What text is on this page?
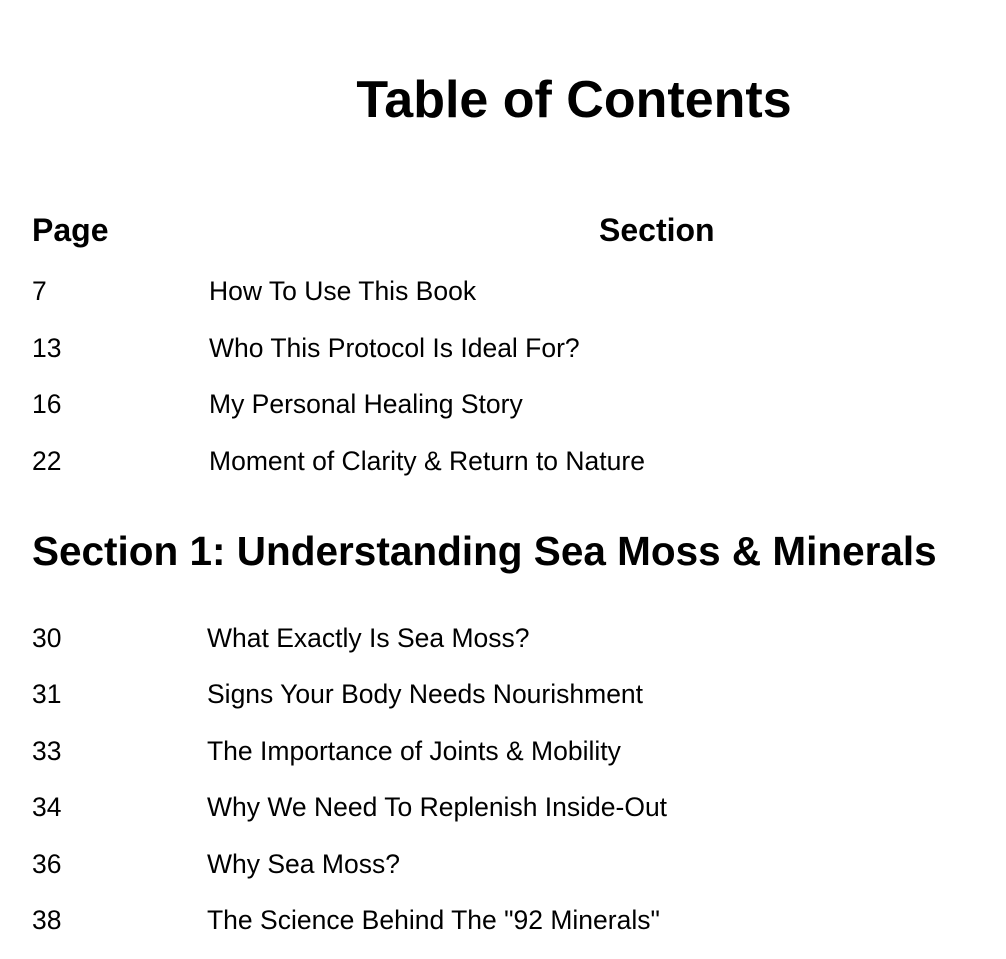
Table of Contents
Page	Section
7	How To Use This Book
13	Who This Protocol Is Ideal For?
16	My Personal Healing Story
22	Moment of Clarity & Return to Nature
Section 1: Understanding Sea Moss & Minerals
30	What Exactly Is Sea Moss?
31	Signs Your Body Needs Nourishment
33	The Importance of Joints & Mobility
34	Why We Need To Replenish Inside-Out
36	Why Sea Moss?
38	The Science Behind The "92 Minerals"
